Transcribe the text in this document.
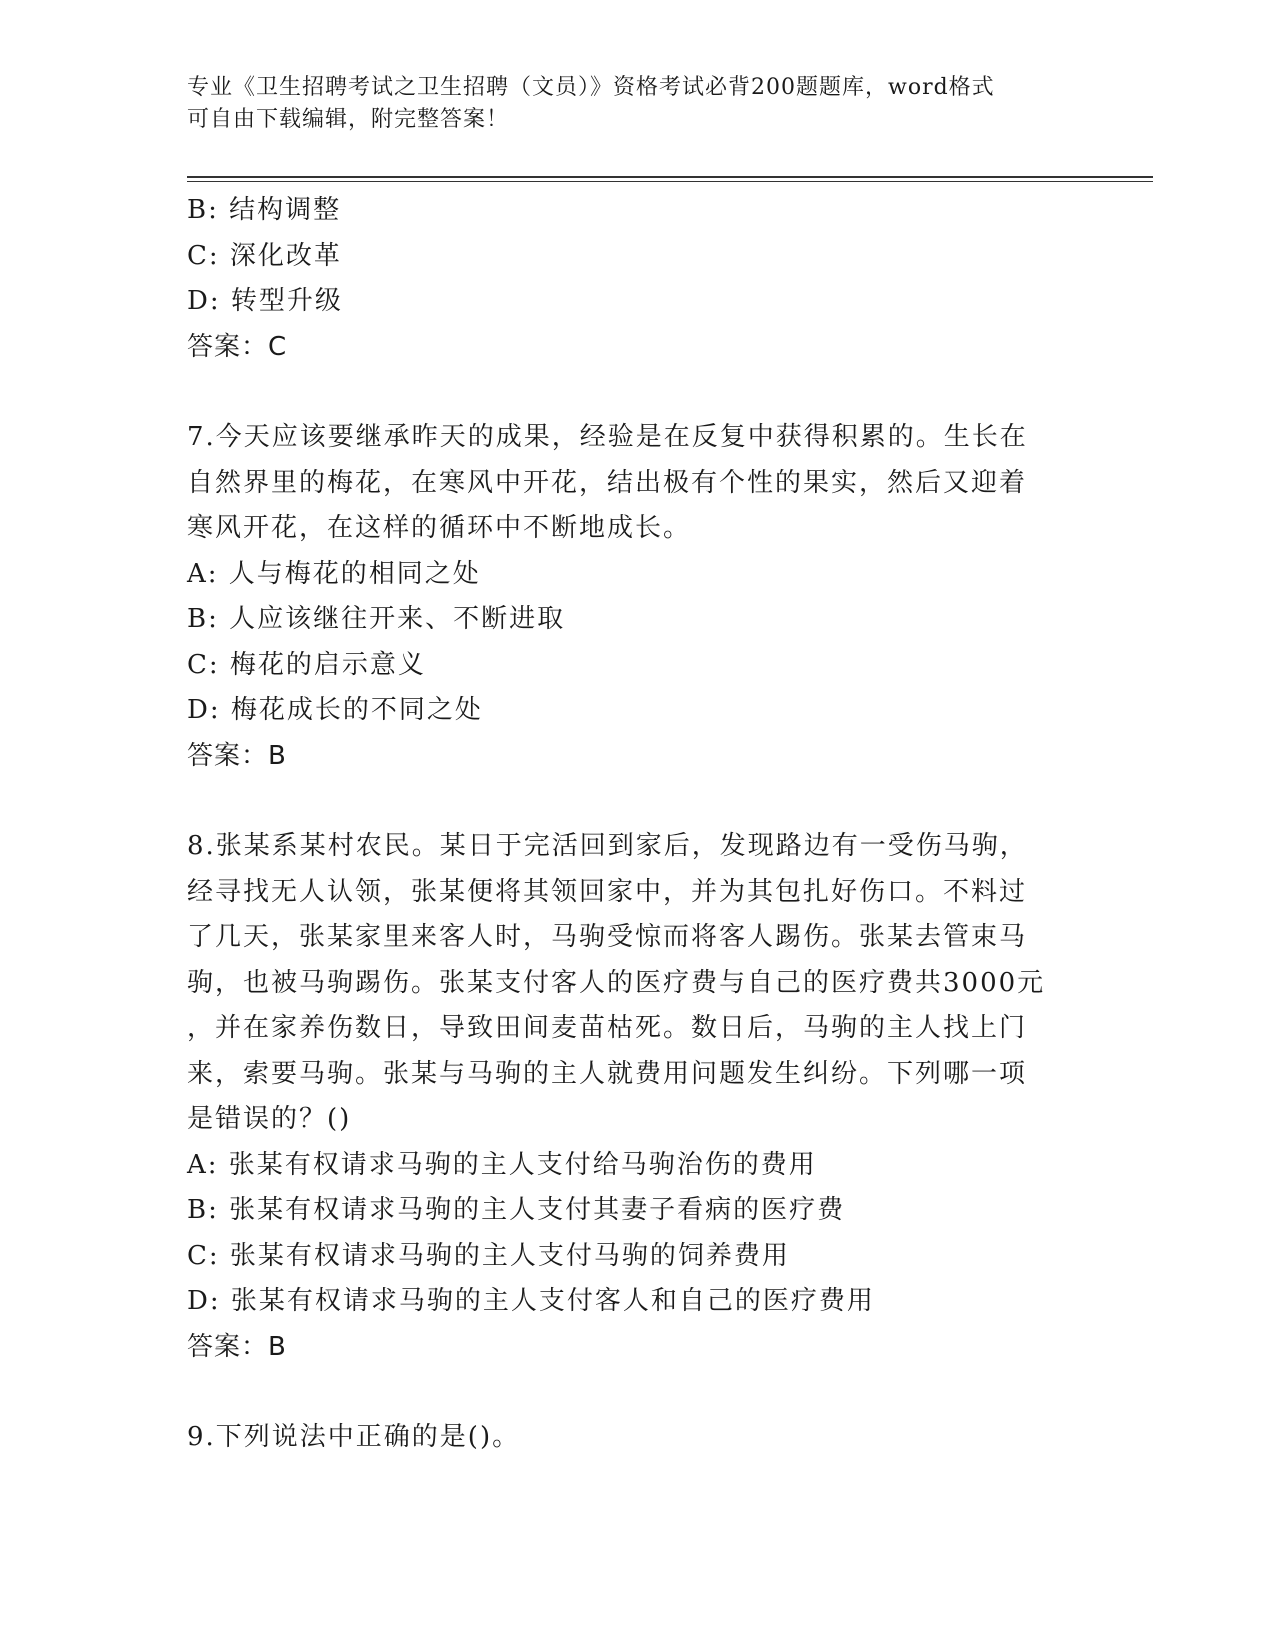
专业《卫生招聘考试之卫生招聘（文员）》资格考试必背200题题库，word格式
可自由下载编辑，附完整答案！
B: 结构调整
C: 深化改革
D: 转型升级
答案：C
7.今天应该要继承昨天的成果，经验是在反复中获得积累的。生长在
自然界里的梅花，在寒风中开花，结出极有个性的果实，然后又迎着
寒风开花，在这样的循环中不断地成长。
A: 人与梅花的相同之处
B: 人应该继往开来、不断进取
C: 梅花的启示意义
D: 梅花成长的不同之处
答案：B
8.张某系某村农民。某日于完活回到家后，发现路边有一受伤马驹，
经寻找无人认领，张某便将其领回家中，并为其包扎好伤口。不料过
了几天，张某家里来客人时，马驹受惊而将客人踢伤。张某去管束马
驹，也被马驹踢伤。张某支付客人的医疗费与自己的医疗费共3000元
，并在家养伤数日，导致田间麦苗枯死。数日后，马驹的主人找上门
来，索要马驹。张某与马驹的主人就费用问题发生纠纷。下列哪一项
是错误的？()
A: 张某有权请求马驹的主人支付给马驹治伤的费用
B: 张某有权请求马驹的主人支付其妻子看病的医疗费
C: 张某有权请求马驹的主人支付马驹的饲养费用
D: 张某有权请求马驹的主人支付客人和自己的医疗费用
答案：B
9.下列说法中正确的是()。
